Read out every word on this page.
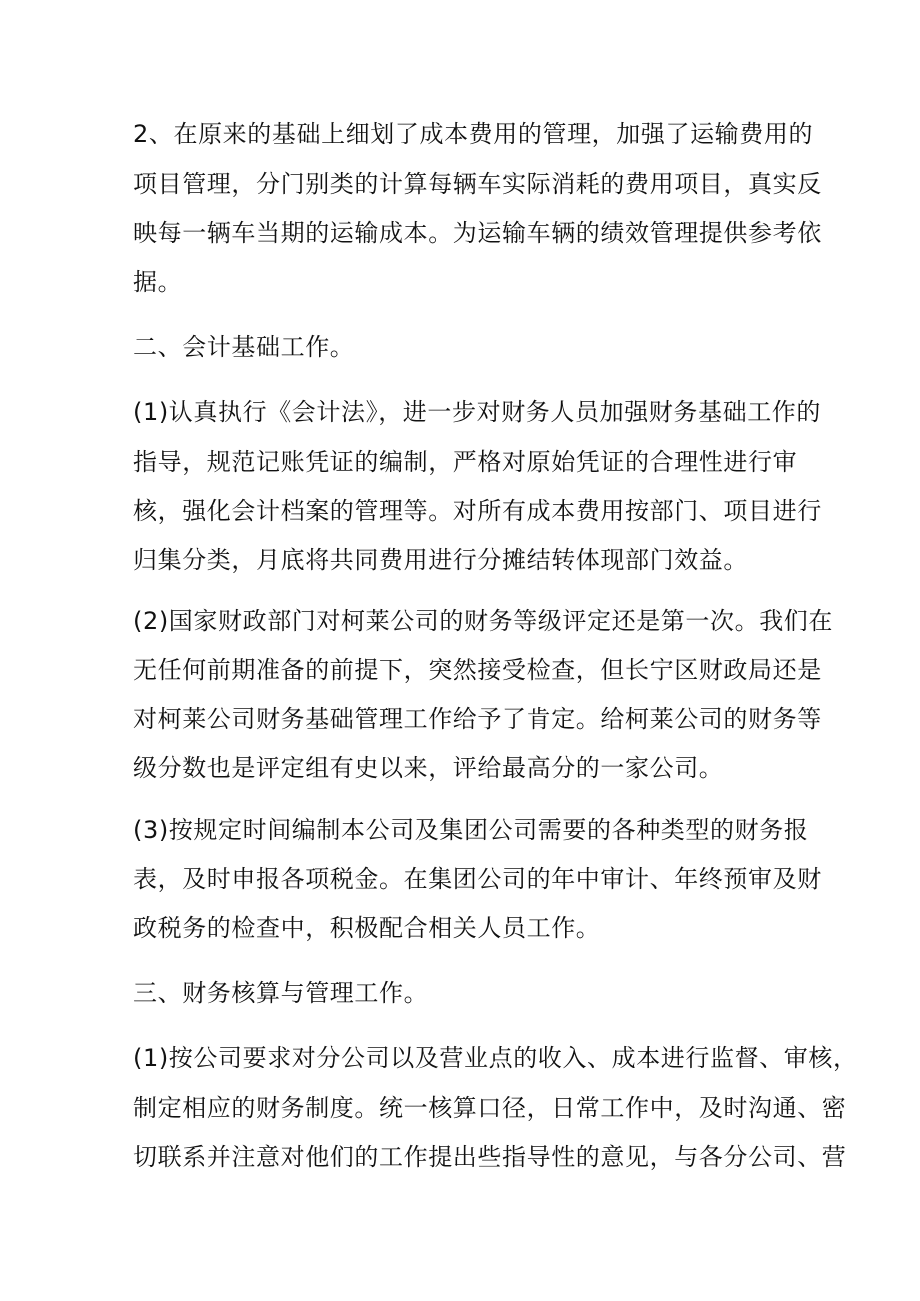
2、在原来的基础上细划了成本费用的管理，加强了运输费用的
项目管理，分门别类的计算每辆车实际消耗的费用项目，真实反
映每一辆车当期的运输成本。为运输车辆的绩效管理提供参考依
据。
二、会计基础工作。
(1)认真执行《会计法》，进一步对财务人员加强财务基础工作的
指导，规范记账凭证的编制，严格对原始凭证的合理性进行审
核，强化会计档案的管理等。对所有成本费用按部门、项目进行
归集分类，月底将共同费用进行分摊结转体现部门效益。
(2)国家财政部门对柯莱公司的财务等级评定还是第一次。我们在
无任何前期准备的前提下，突然接受检查，但长宁区财政局还是
对柯莱公司财务基础管理工作给予了肯定。给柯莱公司的财务等
级分数也是评定组有史以来，评给最高分的一家公司。
(3)按规定时间编制本公司及集团公司需要的各种类型的财务报
表，及时申报各项税金。在集团公司的年中审计、年终预审及财
政税务的检查中，积极配合相关人员工作。
三、财务核算与管理工作。
(1)按公司要求对分公司以及营业点的收入、成本进行监督、审核，
制定相应的财务制度。统一核算口径，日常工作中，及时沟通、密
切联系并注意对他们的工作提出些指导性的意见，与各分公司、营
